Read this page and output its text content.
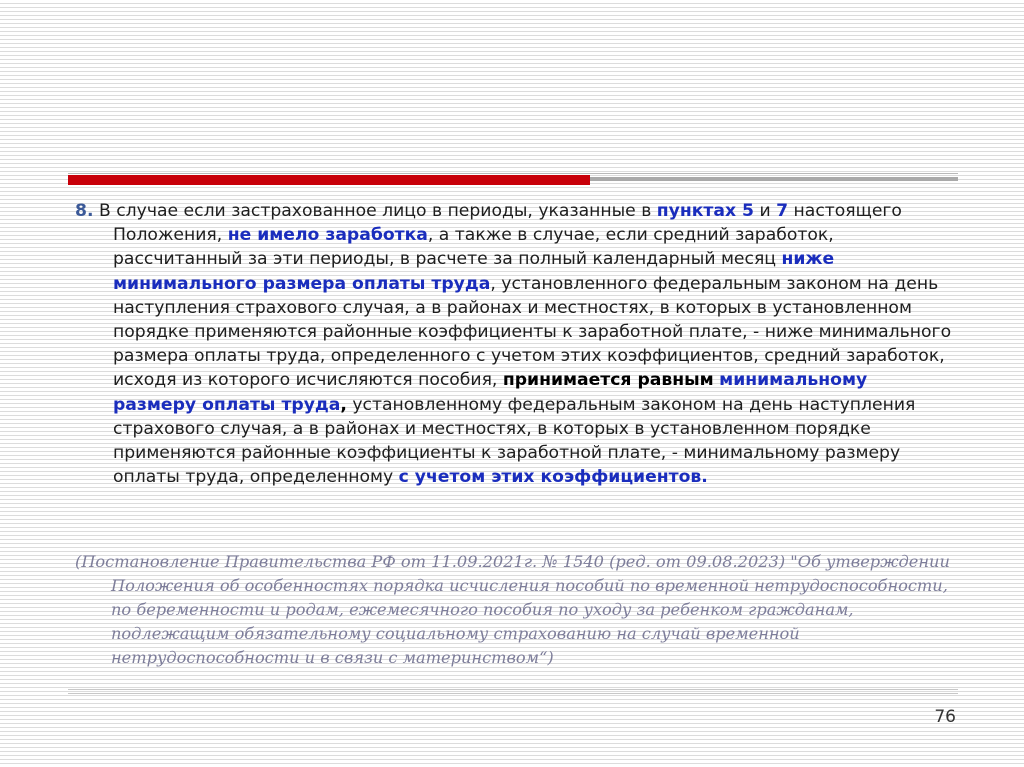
8. В случае если застрахованное лицо в периоды, указанные в пунктах 5 и 7 настоящего Положения, не имело заработка, а также в случае, если средний заработок, рассчитанный за эти периоды, в расчете за полный календарный месяц ниже минимального размера оплаты труда, установленного федеральным законом на день наступления страхового случая, а в районах и местностях, в которых в установленном порядке применяются районные коэффициенты к заработной плате, - ниже минимального размера оплаты труда, определенного с учетом этих коэффициентов, средний заработок, исходя из которого исчисляются пособия, принимается равным минимальному размеру оплаты труда, установленному федеральным законом на день наступления страхового случая, а в районах и местностях, в которых в установленном порядке применяются районные коэффициенты к заработной плате, - минимальному размеру оплаты труда, определенному с учетом этих коэффициентов.

(Постановление Правительства РФ от 11.09.2021г. № 1540 (ред. от 09.08.2023) "Об утверждении Положения об особенностях порядка исчисления пособий по временной нетрудоспособности, по беременности и родам, ежемесячного пособия по уходу за ребенком гражданам, подлежащим обязательному социальному страхованию на случай временной нетрудоспособности и в связи с материнством“)

76
